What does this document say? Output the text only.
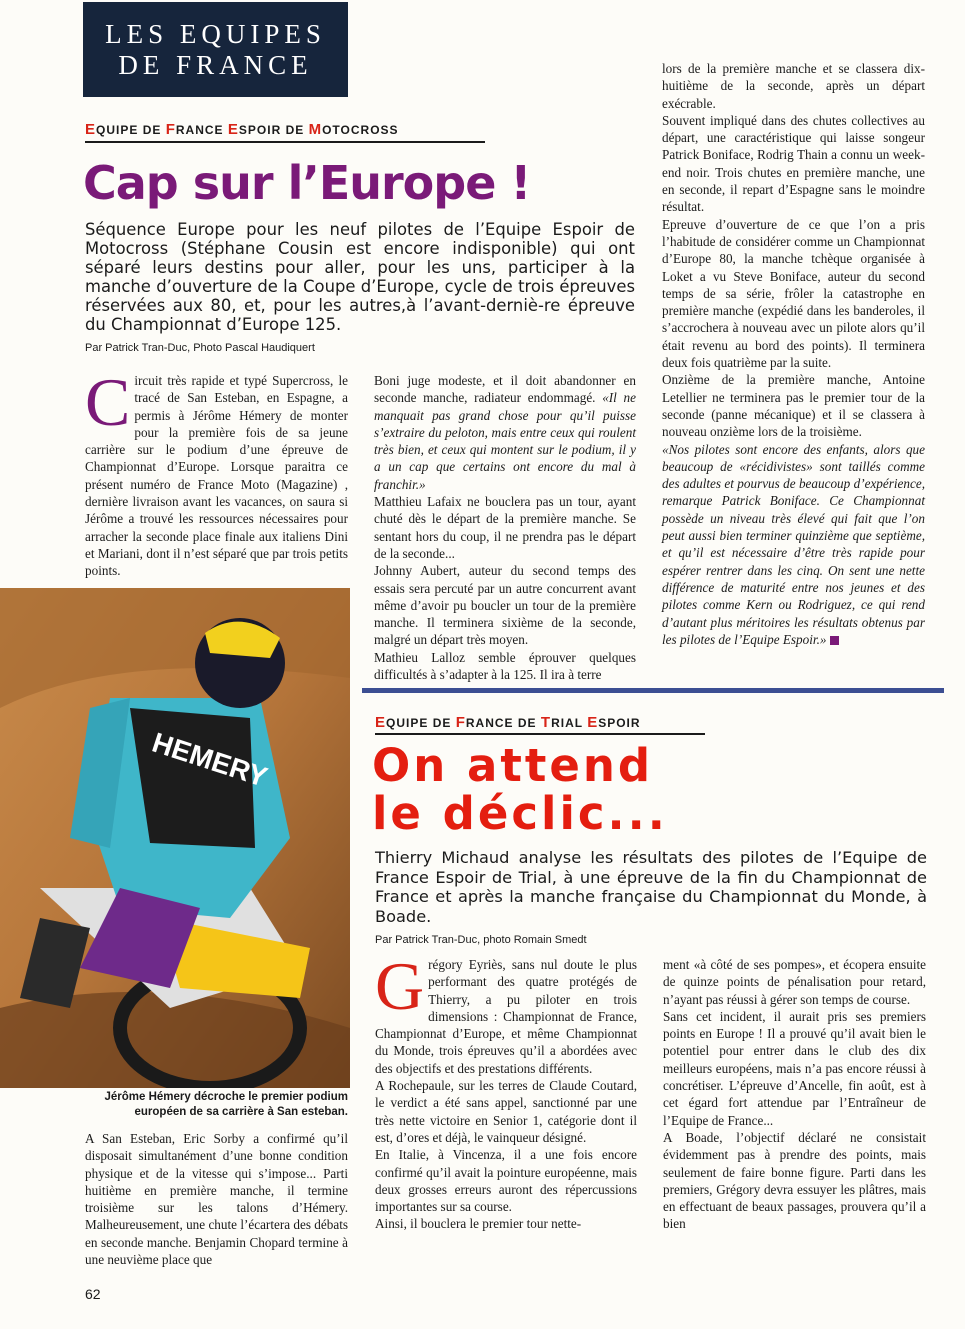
LES EQUIPES
DE FRANCE
EQUIPE DE FRANCE ESPOIR DE MOTOCROSS
Cap sur l’Europe !
Séquence Europe pour les neuf pilotes de l’Equipe Espoir de Motocross (Stéphane Cousin est encore indisponible) qui ont séparé leurs destins pour aller, pour les uns, participer à la manche d’ouverture de la Coupe d’Europe, cycle de trois épreuves réservées aux 80, et, pour les autres,à l’avant-derniè-re épreuve du Championnat d’Europe 125.
Par Patrick Tran-Duc, Photo Pascal Haudiquert

Circuit très rapide et typé Supercross, le tracé de San Esteban, en Espagne, a permis à Jérôme Hémery de monter pour la première fois de sa jeune carrière sur le podium d’une épreuve de Championnat d’Europe. Lorsque paraitra ce présent numéro de France Moto (Magazine) , dernière livraison avant les vacances, on saura si Jérôme a trouvé les ressources nécessaires pour arracher la seconde place finale aux italiens Dini et Mariani, dont il n’est séparé que par trois petits points.

HEMERY
Jérôme Hémery décroche le premier podium européen de sa carrière à San esteban.

A San Esteban, Eric Sorby a confirmé qu’il disposait simultanément d’une bonne condition physique et de la vitesse qui s’impose... Parti huitième en première manche, il termine troisième sur les talons d’Hémery. Malheureusement, une chute l’écartera des débats en seconde manche. Benjamin Chopard termine à une neuvième place que

Boni juge modeste, et il doit abandonner en seconde manche, radiateur endommagé. «Il ne manquait pas grand chose pour qu’il puisse s’extraire du peloton, mais entre ceux qui roulent très bien, et ceux qui montent sur le podium, il y a un cap que certains ont encore du mal à franchir.»

Matthieu Lafaix ne bouclera pas un tour, ayant chuté dès le départ de la première manche. Se sentant hors du coup, il ne prendra pas le départ de la seconde...

Johnny Aubert, auteur du second temps des essais sera percuté par un autre concurrent avant même d’avoir pu boucler un tour de la première manche. Il terminera sixième de la seconde, malgré un départ très moyen.

Mathieu Lalloz semble éprouver quelques difficultés à s’adapter à la 125. Il ira à terre

lors de la première manche et se classera dix-huitième de la seconde, après un départ exécrable.

Souvent impliqué dans des chutes collectives au départ, une caractéristique qui laisse songeur Patrick Boniface, Rodrig Thain a connu un week-end noir. Trois chutes en première manche, une en seconde, il repart d’Espagne sans le moindre résultat.

Epreuve d’ouverture de ce que l’on a pris l’habitude de considérer comme un Championnat d’Europe 80, la manche tchèque organisée à Loket a vu Steve Boniface, auteur du second temps de sa série, frôler la catastrophe en première manche (expédié dans les banderoles, il s’accrochera à nouveau avec un pilote alors qu’il était revenu au bord des points). Il terminera deux fois quatrième par la suite.

Onzième de la première manche, Antoine Letellier ne terminera pas le premier tour de la seconde (panne mécanique) et il se classera à nouveau onzième lors de la troisième.

«Nos pilotes sont encore des enfants, alors que beaucoup de «récidivistes» sont taillés comme des adultes et pourvus de beaucoup d’expérience, remarque Patrick Boniface. Ce Championnat possède un niveau très élevé qui fait que l’on peut aussi bien terminer quinzième que septième, et qu’il est nécessaire d’être très rapide pour espérer rentrer dans les cinq. On sent une nette différence de maturité entre nos jeunes et des pilotes comme Kern ou Rodriguez, ce qui rend d’autant plus méritoires les résultats obtenus par les pilotes de l’Equipe Espoir.»

EQUIPE DE FRANCE DE TRIAL ESPOIR
On attend
le déclic...
Thierry Michaud analyse les résultats des pilotes de l’Equipe de France Espoir de Trial, à une épreuve de la fin du Championnat de France et après la manche française du Championnat du Monde, à Boade.
Par Patrick Tran-Duc, photo Romain Smedt

Grégory Eyriès, sans nul doute le plus performant des quatre protégés de Thierry, a pu piloter en trois dimensions : Championnat de France, Championnat d’Europe, et même Championnat du Monde, trois épreuves qu’il a abordées avec des objectifs et des prestations différents.

A Rochepaule, sur les terres de Claude Coutard, le verdict a été sans appel, sanctionné par une très nette victoire en Senior 1, catégorie dont il est, d’ores et déjà, le vainqueur désigné.

En Italie, à Vincenza, il a une fois encore confirmé qu’il avait la pointure européenne, mais deux grosses erreurs auront des répercussions importantes sur sa course.

Ainsi, il bouclera le premier tour nette-

ment «à côté de ses pompes», et écopera ensuite de quinze points de pénalisation pour retard, n’ayant pas réussi à gérer son temps de course.

Sans cet incident, il aurait pris ses premiers points en Europe ! Il a prouvé qu’il avait bien le potentiel pour entrer dans le club des dix meilleurs européens, mais n’a pas encore réussi à concrétiser. L’épreuve d’Ancelle, fin août, est à cet égard fort attendue par l’Entraîneur de l’Equipe de France...

A Boade, l’objectif déclaré ne consistait évidemment pas à prendre des points, mais seulement de faire bonne figure. Parti dans les premiers, Grégory devra essuyer les plâtres, mais en effectuant de beaux passages, prouvera qu’il a bien

62
